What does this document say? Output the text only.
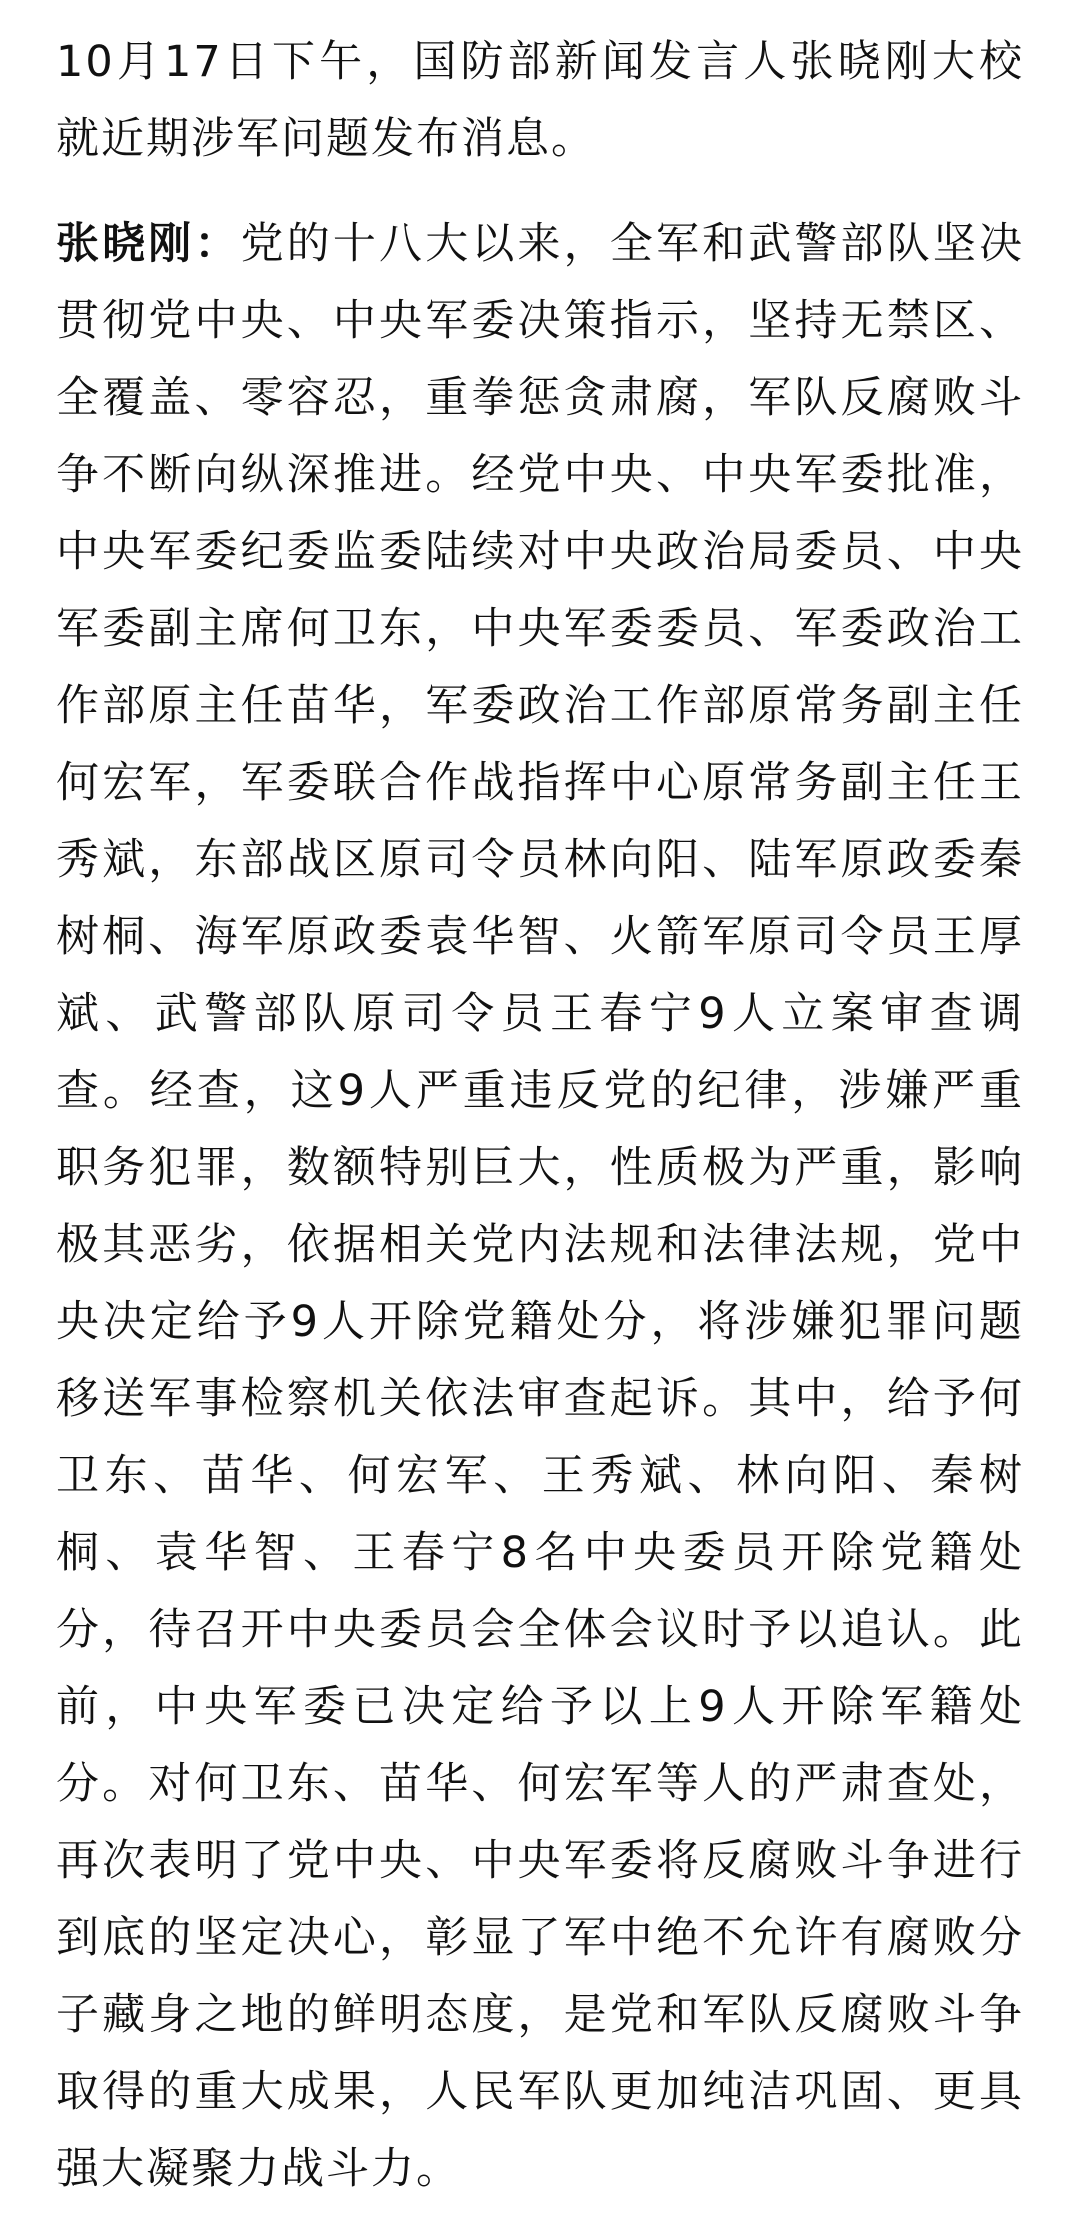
10月17日下午，国防部新闻发言人张晓刚大校就近期涉军问题发布消息。

张晓刚：党的十八大以来，全军和武警部队坚决贯彻党中央、中央军委决策指示，坚持无禁区、全覆盖、零容忍，重拳惩贪肃腐，军队反腐败斗争不断向纵深推进。经党中央、中央军委批准，中央军委纪委监委陆续对中央政治局委员、中央军委副主席何卫东，中央军委委员、军委政治工作部原主任苗华，军委政治工作部原常务副主任何宏军，军委联合作战指挥中心原常务副主任王秀斌，东部战区原司令员林向阳、陆军原政委秦树桐、海军原政委袁华智、火箭军原司令员王厚斌、武警部队原司令员王春宁9人立案审查调查。经查，这9人严重违反党的纪律，涉嫌严重职务犯罪，数额特别巨大，性质极为严重，影响极其恶劣，依据相关党内法规和法律法规，党中央决定给予9人开除党籍处分，将涉嫌犯罪问题移送军事检察机关依法审查起诉。其中，给予何卫东、苗华、何宏军、王秀斌、林向阳、秦树桐、袁华智、王春宁8名中央委员开除党籍处分，待召开中央委员会全体会议时予以追认。此前，中央军委已决定给予以上9人开除军籍处分。对何卫东、苗华、何宏军等人的严肃查处，再次表明了党中央、中央军委将反腐败斗争进行到底的坚定决心，彰显了军中绝不允许有腐败分子藏身之地的鲜明态度，是党和军队反腐败斗争取得的重大成果，人民军队更加纯洁巩固、更具强大凝聚力战斗力。
